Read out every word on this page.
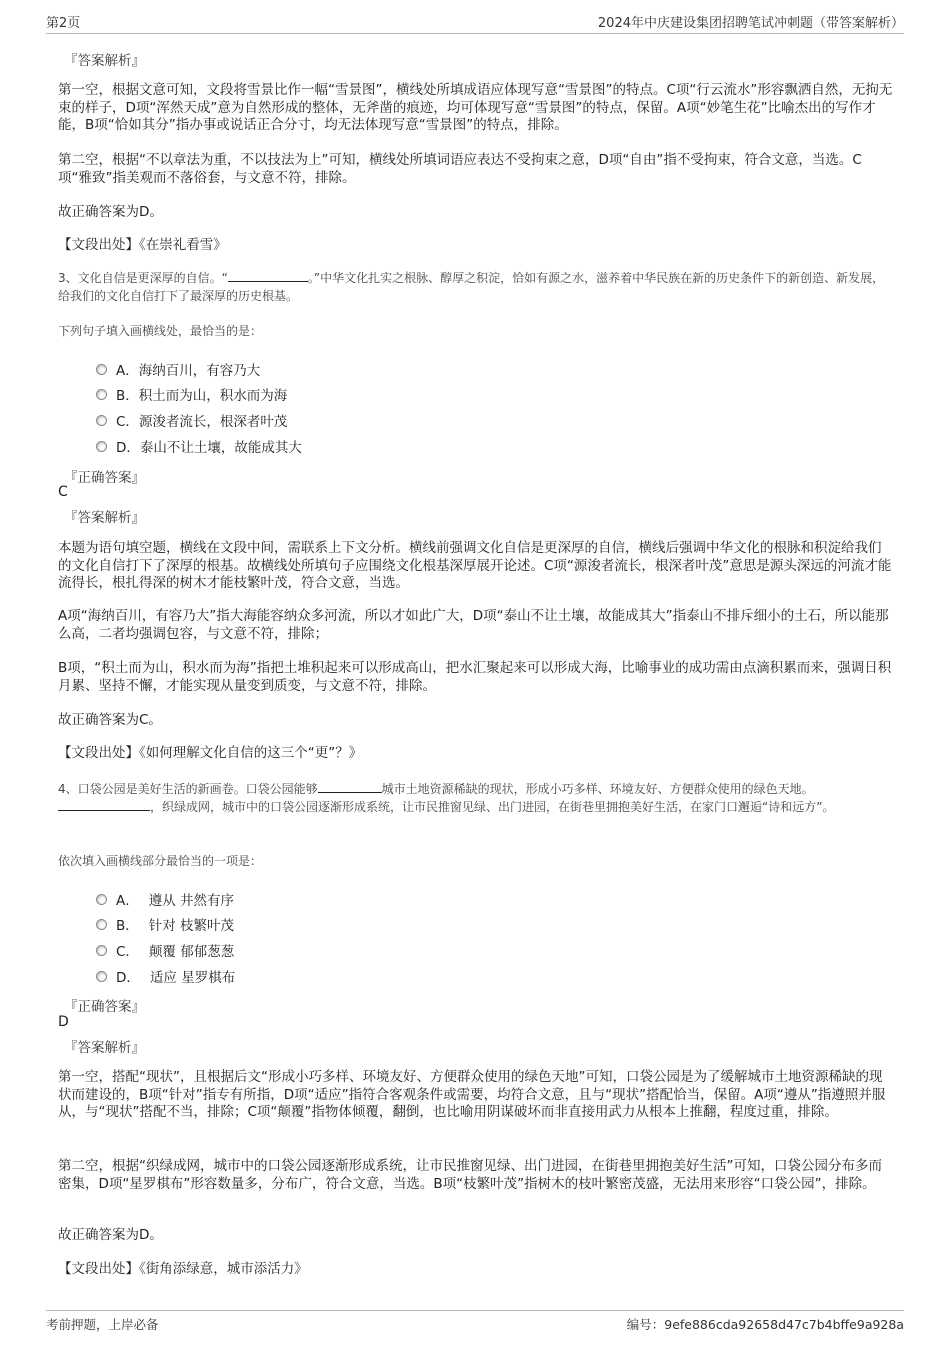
第2页	2024年中庆建设集团招聘笔试冲刺题（带答案解析）
『答案解析』
第一空，根据文意可知，文段将雪景比作一幅“雪景图”，横线处所填成语应体现写意“雪景图”的特点。C项“行云流水”形容飘洒自然，无拘无束的样子，D项“浑然天成”意为自然形成的整体，无斧凿的痕迹，均可体现写意“雪景图”的特点，保留。A项“妙笔生花”比喻杰出的写作才能，B项“恰如其分”指办事或说话正合分寸，均无法体现写意“雪景图”的特点，排除。
第二空，根据“不以章法为重，不以技法为上”可知，横线处所填词语应表达不受拘束之意，D项“自由”指不受拘束，符合文意，当选。C项“雅致”指美观而不落俗套，与文意不符，排除。
故正确答案为D。
【文段出处】《在崇礼看雪》
3、文化自信是更深厚的自信。“	。”中华文化扎实之根脉、醇厚之积淀，恰如有源之水，滋养着中华民族在新的历史条件下的新创造、新发展，给我们的文化自信打下了最深厚的历史根基。
下列句子填入画横线处，最恰当的是：
A． 海纳百川，有容乃大
B． 积土而为山，积水而为海
C． 源浚者流长，根深者叶茂
D． 泰山不让土壤，故能成其大
『正确答案』
C
『答案解析』
本题为语句填空题，横线在文段中间，需联系上下文分析。横线前强调文化自信是更深厚的自信，横线后强调中华文化的根脉和积淀给我们的文化自信打下了深厚的根基。故横线处所填句子应围绕文化根基深厚展开论述。C项“源浚者流长，根深者叶茂”意思是源头深远的河流才能流得长，根扎得深的树木才能枝繁叶茂，符合文意，当选。
A项“海纳百川，有容乃大”指大海能容纳众多河流，所以才如此广大，D项“泰山不让土壤，故能成其大”指泰山不排斥细小的土石，所以能那么高，二者均强调包容，与文意不符，排除；
B项，“积土而为山，积水而为海”指把土堆积起来可以形成高山，把水汇聚起来可以形成大海，比喻事业的成功需由点滴积累而来，强调日积月累、坚持不懈，才能实现从量变到质变，与文意不符，排除。
故正确答案为C。
【文段出处】《如何理解文化自信的这三个“更”？》
4、口袋公园是美好生活的新画卷。口袋公园能够	城市土地资源稀缺的现状，形成小巧多样、环境友好、方便群众使用的绿色天地。，织绿成网，城市中的口袋公园逐渐形成系统，让市民推窗见绿、出门进园，在街巷里拥抱美好生活，在家门口邂逅“诗和远方”。
依次填入画横线部分最恰当的一项是：
A． 遵从 井然有序
B． 针对 枝繁叶茂
C． 颠覆 郁郁葱葱
D． 适应 星罗棋布
『正确答案』
D
『答案解析』
第一空，搭配“现状”，且根据后文“形成小巧多样、环境友好、方便群众使用的绿色天地”可知，口袋公园是为了缓解城市土地资源稀缺的现状而建设的，B项“针对”指专有所指，D项“适应”指符合客观条件或需要，均符合文意，且与“现状”搭配恰当，保留。A项“遵从”指遵照并服从，与“现状”搭配不当，排除；C项“颠覆”指物体倾覆，翻倒，也比喻用阴谋破坏而非直接用武力从根本上推翻，程度过重，排除。
第二空，根据“织绿成网，城市中的口袋公园逐渐形成系统，让市民推窗见绿、出门进园，在街巷里拥抱美好生活”可知，口袋公园分布多而密集，D项“星罗棋布”形容数量多，分布广，符合文意，当选。B项“枝繁叶茂”指树木的枝叶繁密茂盛，无法用来形容“口袋公园”，排除。
故正确答案为D。
【文段出处】《街角添绿意，城市添活力》
考前押题，上岸必备	编号：9efe886cda92658d47c7b4bffe9a928a
